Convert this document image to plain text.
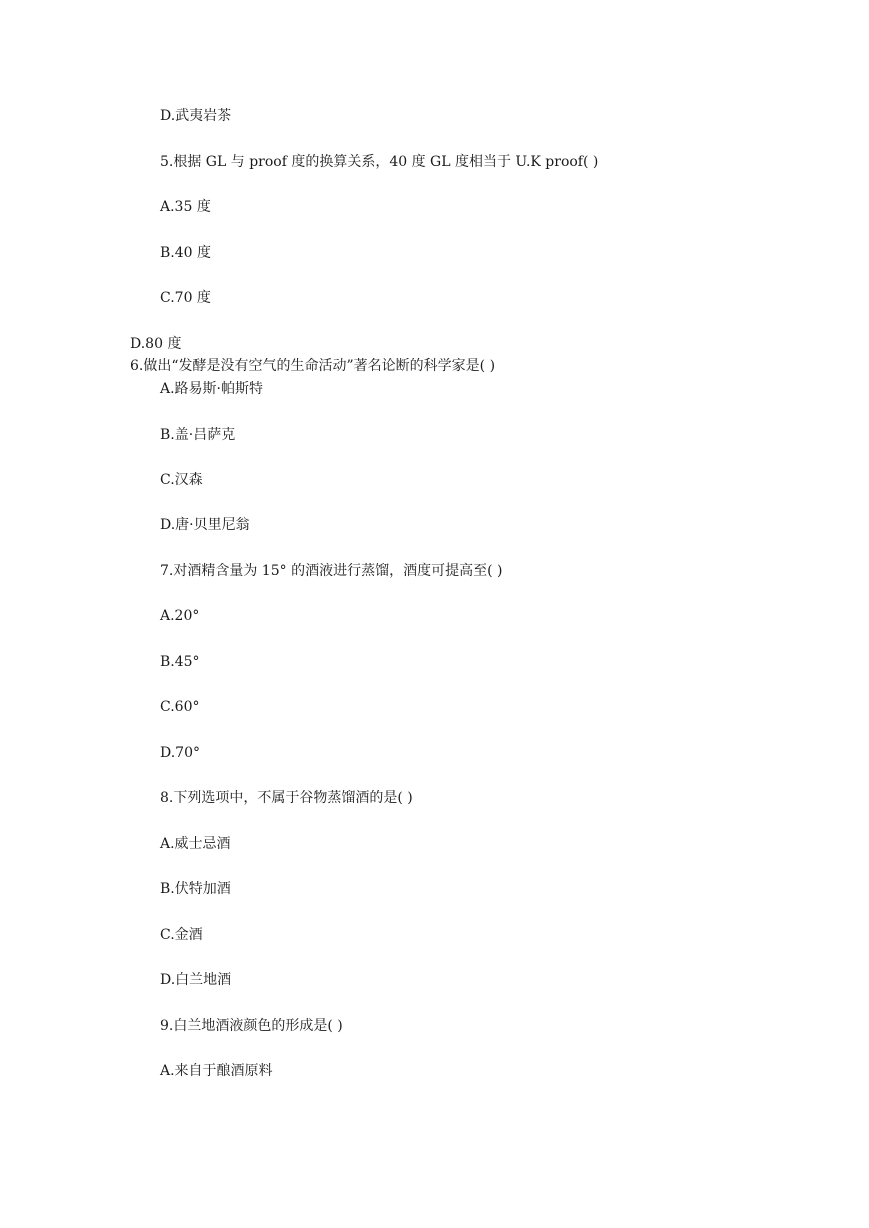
D.武夷岩茶
5.根据 GL 与 proof 度的换算关系，40 度 GL 度相当于 U.K proof( )
A.35 度
B.40 度
C.70 度
D.80 度
6.做出“发酵是没有空气的生命活动”著名论断的科学家是( )
A.路易斯·帕斯特
B.盖·吕萨克
C.汉森
D.唐·贝里尼翁
7.对酒精含量为 15° 的酒液进行蒸馏，酒度可提高至( )
A.20°
B.45°
C.60°
D.70°
8.下列选项中，不属于谷物蒸馏酒的是( )
A.威士忌酒
B.伏特加酒
C.金酒
D.白兰地酒
9.白兰地酒液颜色的形成是( )
A.来自于酿酒原料
